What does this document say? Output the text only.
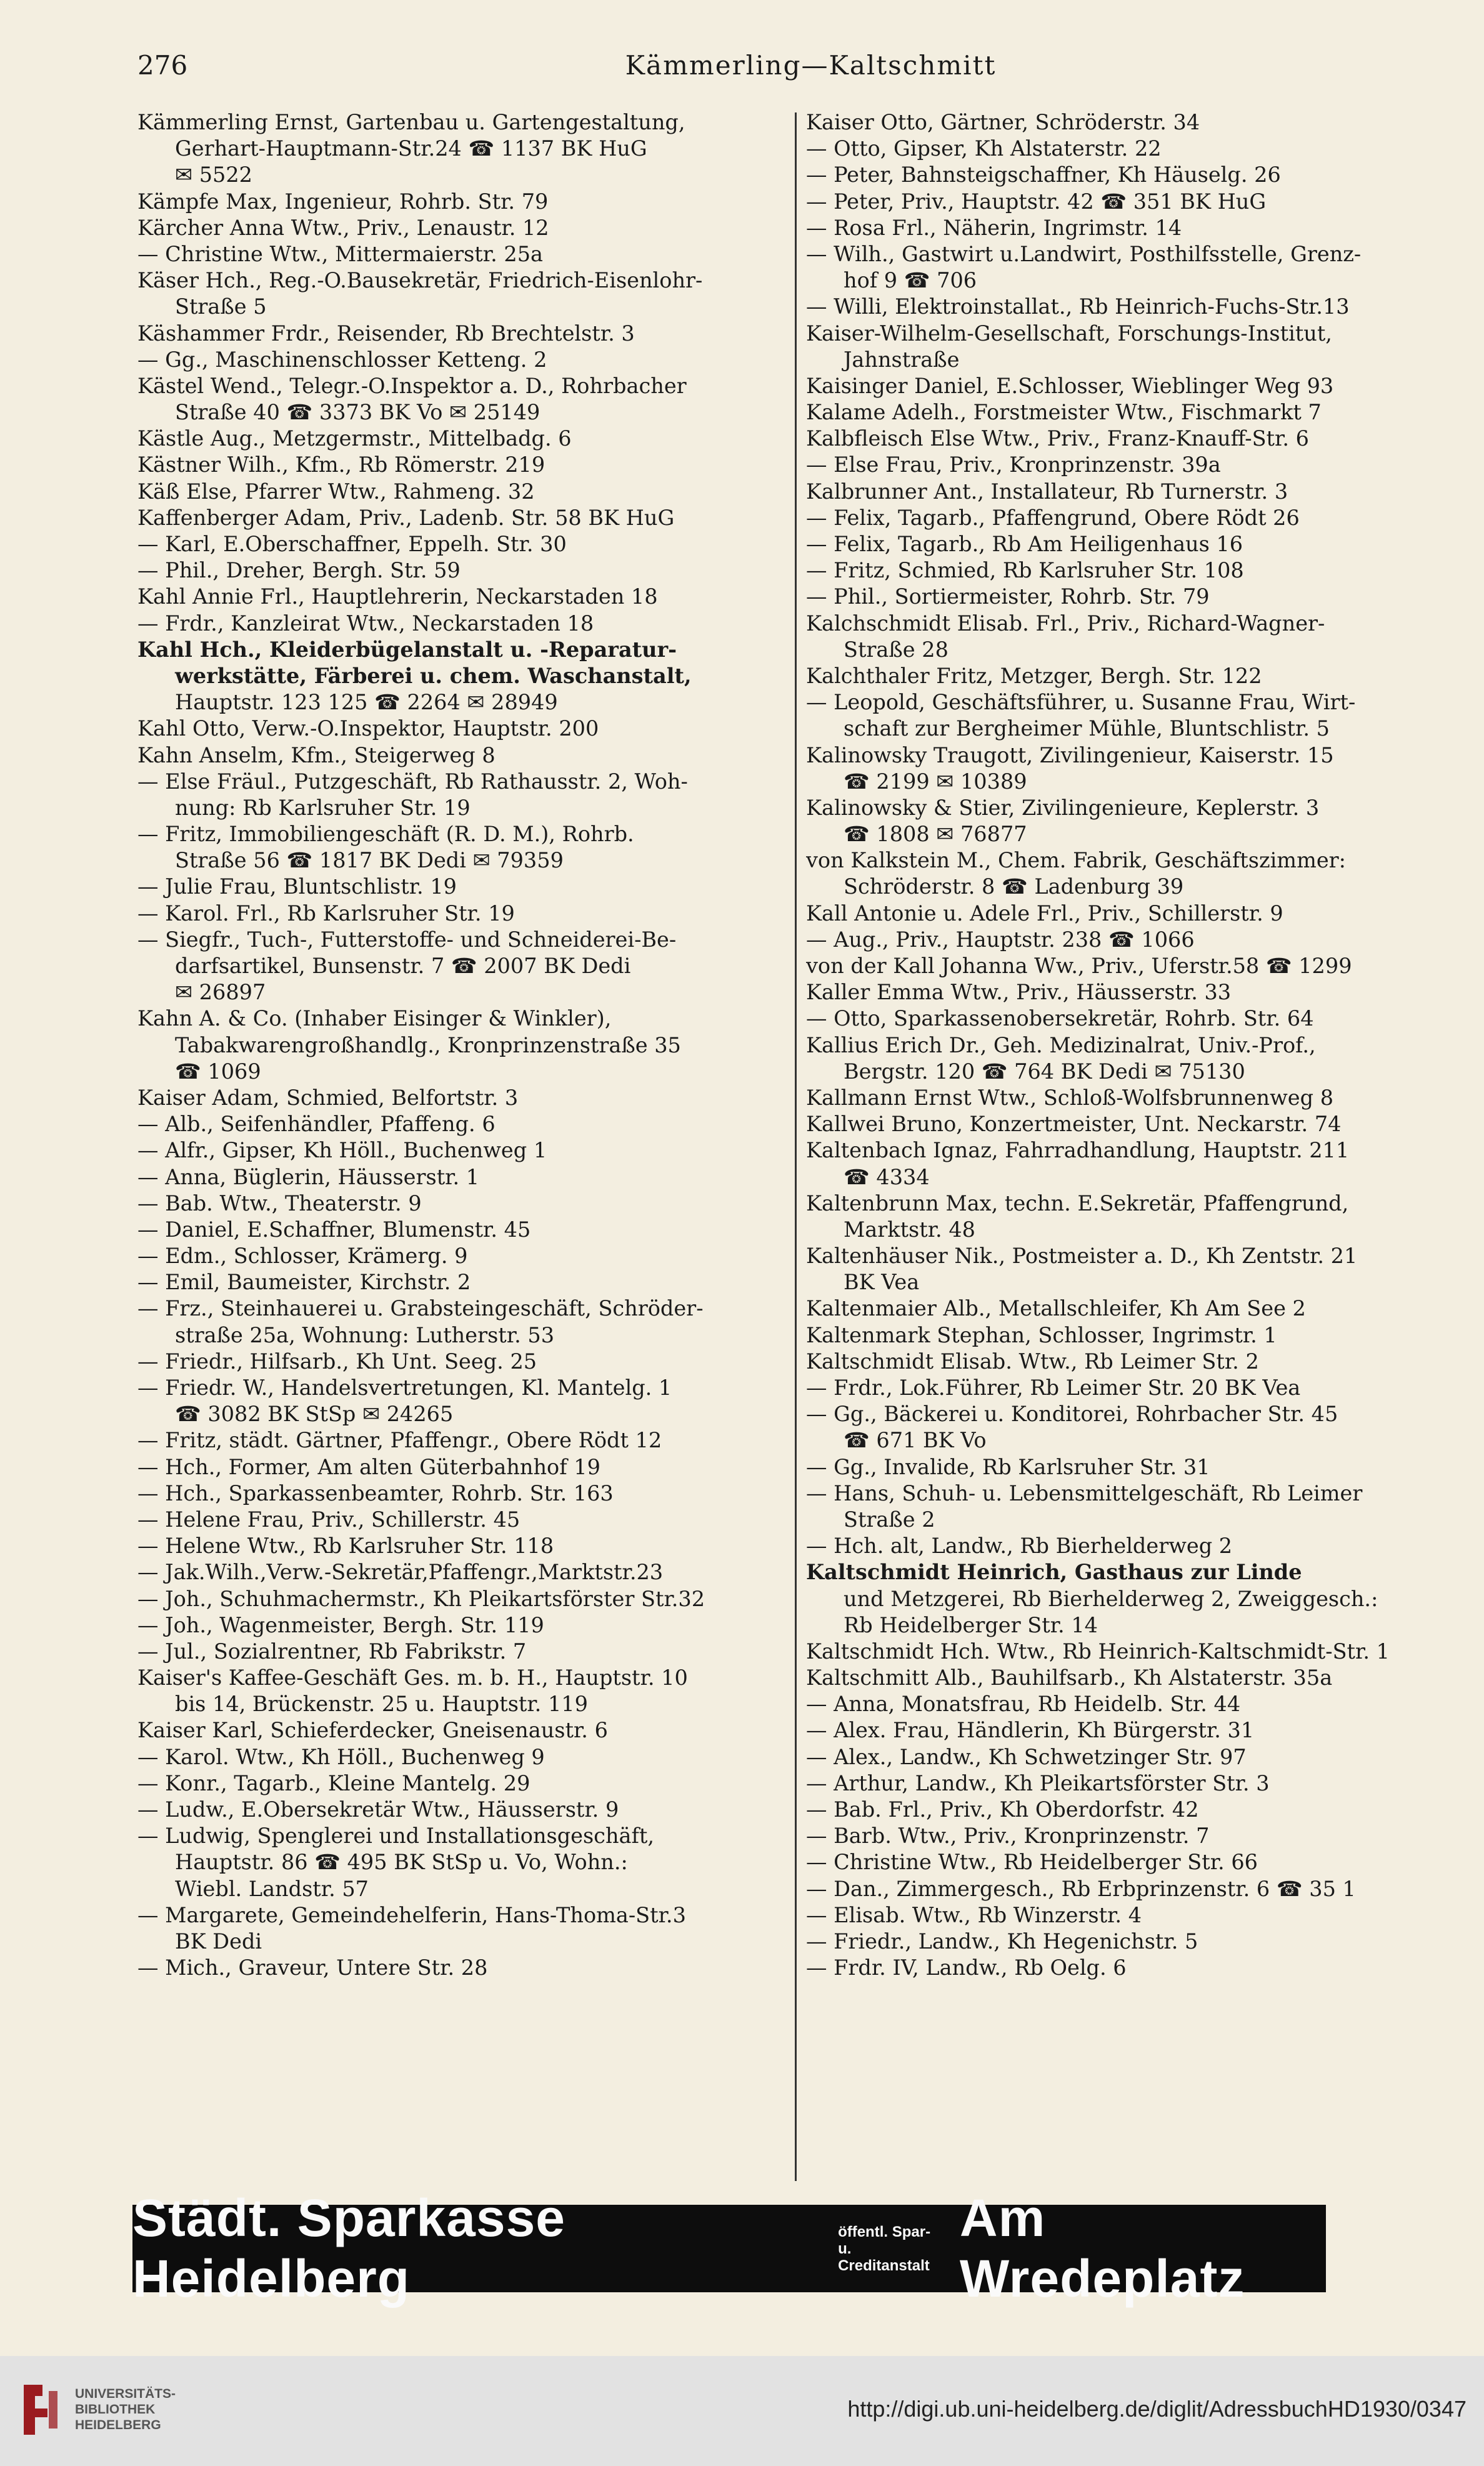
276	Kämmerling—Kaltschmitt
Kämmerling Ernst, Gartenbau u. Gartengestaltung,
Gerhart-Hauptmann-Str.24 ☎ 1137 BK HuG
✉ 5522
Kämpfe Max, Ingenieur, Rohrb. Str. 79
Kärcher Anna Wtw., Priv., Lenaustr. 12
— Christine Wtw., Mittermaierstr. 25a
Käser Hch., Reg.-O.Bausekretär, Friedrich-Eisenlohr-
Straße 5
Käshammer Frdr., Reisender, Rb Brechtelstr. 3
— Gg., Maschinenschlosser Ketteng. 2
Kästel Wend., Telegr.-O.Inspektor a. D., Rohrbacher
Straße 40 ☎ 3373 BK Vo ✉ 25149
Kästle Aug., Metzgermstr., Mittelbadg. 6
Kästner Wilh., Kfm., Rb Römerstr. 219
Käß Else, Pfarrer Wtw., Rahmeng. 32
Kaffenberger Adam, Priv., Ladenb. Str. 58 BK HuG
— Karl, E.Oberschaffner, Eppelh. Str. 30
— Phil., Dreher, Bergh. Str. 59
Kahl Annie Frl., Hauptlehrerin, Neckarstaden 18
— Frdr., Kanzleirat Wtw., Neckarstaden 18
Kahl Hch., Kleiderbügelanstalt u. -Reparatur-
werkstätte, Färberei u. chem. Waschanstalt,
Hauptstr. 123 125 ☎ 2264 ✉ 28949
Kahl Otto, Verw.-O.Inspektor, Hauptstr. 200
Kahn Anselm, Kfm., Steigerweg 8
— Else Fräul., Putzgeschäft, Rb Rathausstr. 2, Woh-
nung: Rb Karlsruher Str. 19
— Fritz, Immobiliengeschäft (R. D. M.), Rohrb.
Straße 56 ☎ 1817 BK Dedi ✉ 79359
— Julie Frau, Bluntschlistr. 19
— Karol. Frl., Rb Karlsruher Str. 19
— Siegfr., Tuch-, Futterstoffe- und Schneiderei-Be-
darfsartikel, Bunsenstr. 7 ☎ 2007 BK Dedi
✉ 26897
Kahn A. & Co. (Inhaber Eisinger & Winkler),
Tabakwarengroßhandlg., Kronprinzenstraße 35
☎ 1069
Kaiser Adam, Schmied, Belfortstr. 3
— Alb., Seifenhändler, Pfaffeng. 6
— Alfr., Gipser, Kh Höll., Buchenweg 1
— Anna, Büglerin, Häusserstr. 1
— Bab. Wtw., Theaterstr. 9
— Daniel, E.Schaffner, Blumenstr. 45
— Edm., Schlosser, Krämerg. 9
— Emil, Baumeister, Kirchstr. 2
— Frz., Steinhauerei u. Grabsteingeschäft, Schröder-
straße 25a, Wohnung: Lutherstr. 53
— Friedr., Hilfsarb., Kh Unt. Seeg. 25
— Friedr. W., Handelsvertretungen, Kl. Mantelg. 1
☎ 3082 BK StSp ✉ 24265
— Fritz, städt. Gärtner, Pfaffengr., Obere Rödt 12
— Hch., Former, Am alten Güterbahnhof 19
— Hch., Sparkassenbeamter, Rohrb. Str. 163
— Helene Frau, Priv., Schillerstr. 45
— Helene Wtw., Rb Karlsruher Str. 118
— Jak.Wilh.,Verw.-Sekretär,Pfaffengr.,Marktstr.23
— Joh., Schuhmachermstr., Kh Pleikartsförster Str.32
— Joh., Wagenmeister, Bergh. Str. 119
— Jul., Sozialrentner, Rb Fabrikstr. 7
Kaiser's Kaffee-Geschäft Ges. m. b. H., Hauptstr. 10
bis 14, Brückenstr. 25 u. Hauptstr. 119
Kaiser Karl, Schieferdecker, Gneisenaustr. 6
— Karol. Wtw., Kh Höll., Buchenweg 9
— Konr., Tagarb., Kleine Mantelg. 29
— Ludw., E.Obersekretär Wtw., Häusserstr. 9
— Ludwig, Spenglerei und Installationsgeschäft,
Hauptstr. 86 ☎ 495 BK StSp u. Vo, Wohn.:
Wiebl. Landstr. 57
— Margarete, Gemeindehelferin, Hans-Thoma-Str.3
BK Dedi
— Mich., Graveur, Untere Str. 28
Kaiser Otto, Gärtner, Schröderstr. 34
— Otto, Gipser, Kh Alstaterstr. 22
— Peter, Bahnsteigschaffner, Kh Häuselg. 26
— Peter, Priv., Hauptstr. 42 ☎ 351 BK HuG
— Rosa Frl., Näherin, Ingrimstr. 14
— Wilh., Gastwirt u.Landwirt, Posthilfsstelle, Grenz-
hof 9 ☎ 706
— Willi, Elektroinstallat., Rb Heinrich-Fuchs-Str.13
Kaiser-Wilhelm-Gesellschaft, Forschungs-Institut,
Jahnstraße
Kaisinger Daniel, E.Schlosser, Wieblinger Weg 93
Kalame Adelh., Forstmeister Wtw., Fischmarkt 7
Kalbfleisch Else Wtw., Priv., Franz-Knauff-Str. 6
— Else Frau, Priv., Kronprinzenstr. 39a
Kalbrunner Ant., Installateur, Rb Turnerstr. 3
— Felix, Tagarb., Pfaffengrund, Obere Rödt 26
— Felix, Tagarb., Rb Am Heiligenhaus 16
— Fritz, Schmied, Rb Karlsruher Str. 108
— Phil., Sortiermeister, Rohrb. Str. 79
Kalchschmidt Elisab. Frl., Priv., Richard-Wagner-
Straße 28
Kalchthaler Fritz, Metzger, Bergh. Str. 122
— Leopold, Geschäftsführer, u. Susanne Frau, Wirt-
schaft zur Bergheimer Mühle, Bluntschlistr. 5
Kalinowsky Traugott, Zivilingenieur, Kaiserstr. 15
☎ 2199 ✉ 10389
Kalinowsky & Stier, Zivilingenieure, Keplerstr. 3
☎ 1808 ✉ 76877
von Kalkstein M., Chem. Fabrik, Geschäftszimmer:
Schröderstr. 8 ☎ Ladenburg 39
Kall Antonie u. Adele Frl., Priv., Schillerstr. 9
— Aug., Priv., Hauptstr. 238 ☎ 1066
von der Kall Johanna Ww., Priv., Uferstr.58 ☎ 1299
Kaller Emma Wtw., Priv., Häusserstr. 33
— Otto, Sparkassenobersekretär, Rohrb. Str. 64
Kallius Erich Dr., Geh. Medizinalrat, Univ.-Prof.,
Bergstr. 120 ☎ 764 BK Dedi ✉ 75130
Kallmann Ernst Wtw., Schloß-Wolfsbrunnenweg 8
Kallwei Bruno, Konzertmeister, Unt. Neckarstr. 74
Kaltenbach Ignaz, Fahrradhandlung, Hauptstr. 211
☎ 4334
Kaltenbrunn Max, techn. E.Sekretär, Pfaffengrund,
Marktstr. 48
Kaltenhäuser Nik., Postmeister a. D., Kh Zentstr. 21
BK Vea
Kaltenmaier Alb., Metallschleifer, Kh Am See 2
Kaltenmark Stephan, Schlosser, Ingrimstr. 1
Kaltschmidt Elisab. Wtw., Rb Leimer Str. 2
— Frdr., Lok.Führer, Rb Leimer Str. 20 BK Vea
— Gg., Bäckerei u. Konditorei, Rohrbacher Str. 45
☎ 671 BK Vo
— Gg., Invalide, Rb Karlsruher Str. 31
— Hans, Schuh- u. Lebensmittelgeschäft, Rb Leimer
Straße 2
— Hch. alt, Landw., Rb Bierhelderweg 2
Kaltschmidt Heinrich, Gasthaus zur Linde
und Metzgerei, Rb Bierhelderweg 2, Zweiggesch.:
Rb Heidelberger Str. 14
Kaltschmidt Hch. Wtw., Rb Heinrich-Kaltschmidt-Str. 1
Kaltschmitt Alb., Bauhilfsarb., Kh Alstaterstr. 35a
— Anna, Monatsfrau, Rb Heidelb. Str. 44
— Alex. Frau, Händlerin, Kh Bürgerstr. 31
— Alex., Landw., Kh Schwetzinger Str. 97
— Arthur, Landw., Kh Pleikartsförster Str. 3
— Bab. Frl., Priv., Kh Oberdorfstr. 42
— Barb. Wtw., Priv., Kronprinzenstr. 7
— Christine Wtw., Rb Heidelberger Str. 66
— Dan., Zimmergesch., Rb Erbprinzenstr. 6 ☎ 35 1
— Elisab. Wtw., Rb Winzerstr. 4
— Friedr., Landw., Kh Hegenichstr. 5
— Frdr. IV, Landw., Rb Oelg. 6
Städt. Sparkasse Heidelberg
öffentl. Spar- u.
Creditanstalt
Am Wredeplatz
UNIVERSITÄTS-
BIBLIOTHEK
HEIDELBERG
http://digi.ub.uni-heidelberg.de/diglit/AdressbuchHD1930/0347
